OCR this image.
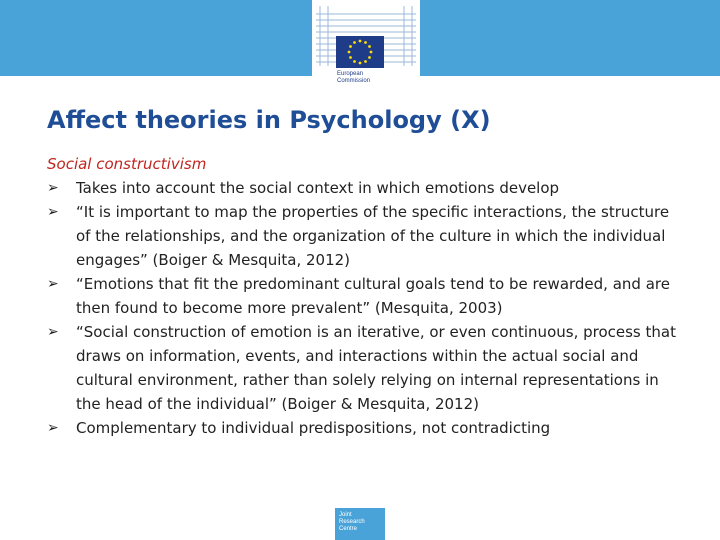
European
Commission
Affect theories in Psychology (X)
Social constructivism
➢	Takes into account the social context in which emotions develop
➢	“It is important to map the properties of the specific interactions, the structure of the relationships, and the organization of the culture in which the individual engages” (Boiger & Mesquita, 2012)
➢	“Emotions that fit the predominant cultural goals tend to be rewarded, and are then found to become more prevalent” (Mesquita, 2003)
➢	“Social construction of emotion is an iterative, or even continuous, process that draws on information, events, and interactions within the actual social and cultural environment, rather than solely relying on internal representations in the head of the individual” (Boiger & Mesquita, 2012)
➢	Complementary to individual predispositions, not contradicting
Joint
Research
Centre
